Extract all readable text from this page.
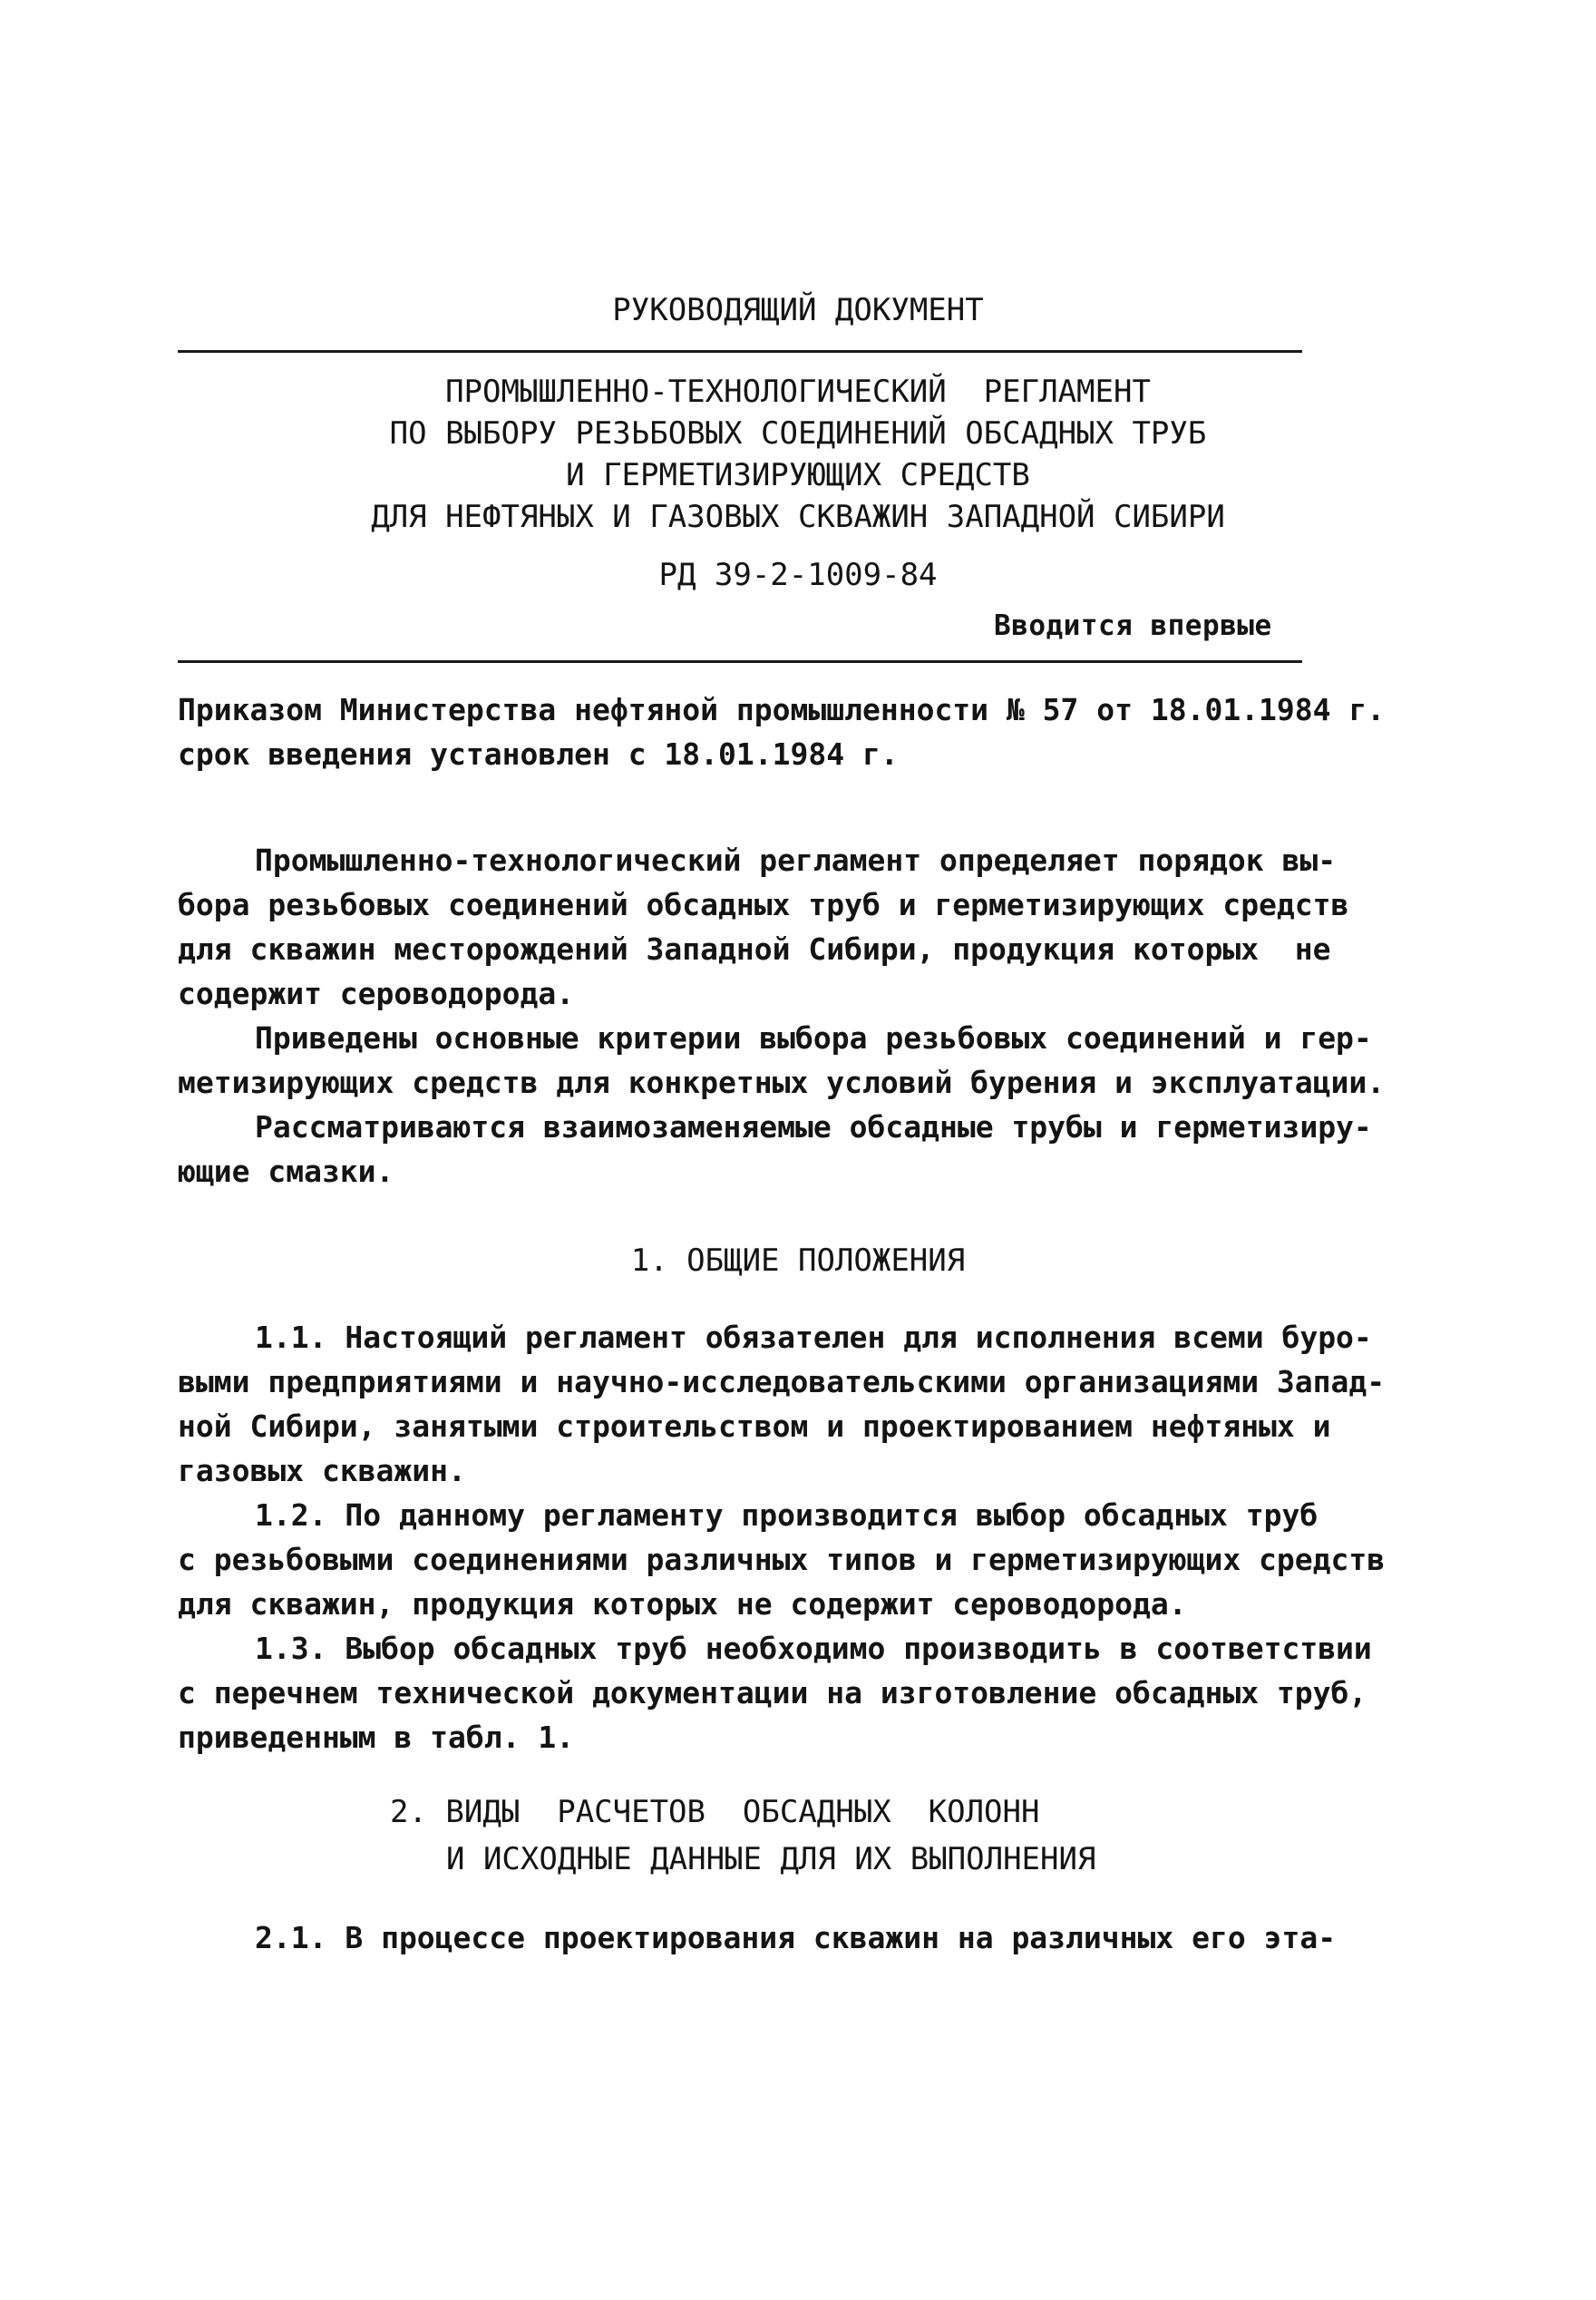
РУКОВОДЯЩИЙ ДОКУМЕНТ
ПРОМЫШЛЕННО-ТЕХНОЛОГИЧЕСКИЙ  РЕГЛАМЕНТ
ПО ВЫБОРУ РЕЗЬБОВЫХ СОЕДИНЕНИЙ ОБСАДНЫХ ТРУБ
И ГЕРМЕТИЗИРУЮЩИХ СРЕДСТВ
ДЛЯ НЕФТЯНЫХ И ГАЗОВЫХ СКВАЖИН ЗАПАДНОЙ СИБИРИ
РД 39-2-1009-84
Вводится впервые
Приказом Министерства нефтяной промышленности № 57 от 18.01.1984 г.
срок введения установлен с 18.01.1984 г.
Промышленно-технологический регламент определяет порядок вы-
бора резьбовых соединений обсадных труб и герметизирующих средств
для скважин месторождений Западной Сибири, продукция которых  не
содержит сероводорода.
Приведены основные критерии выбора резьбовых соединений и гер-
метизирующих средств для конкретных условий бурения и эксплуатации.
Рассматриваются взаимозаменяемые обсадные трубы и герметизиру-
ющие смазки.
1. ОБЩИЕ ПОЛОЖЕНИЯ
1.1. Настоящий регламент обязателен для исполнения всеми буро-
выми предприятиями и научно-исследовательскими организациями Запад-
ной Сибири, занятыми строительством и проектированием нефтяных и
газовых скважин.
1.2. По данному регламенту производится выбор обсадных труб
с резьбовыми соединениями различных типов и герметизирующих средств
для скважин, продукция которых не содержит сероводорода.
1.3. Выбор обсадных труб необходимо производить в соответствии
с перечнем технической документации на изготовление обсадных труб,
приведенным в табл. 1.
2. ВИДЫ  РАСЧЕТОВ  ОБСАДНЫХ  КОЛОНН
И ИСХОДНЫЕ ДАННЫЕ ДЛЯ ИХ ВЫПОЛНЕНИЯ
2.1. В процессе проектирования скважин на различных его эта-
